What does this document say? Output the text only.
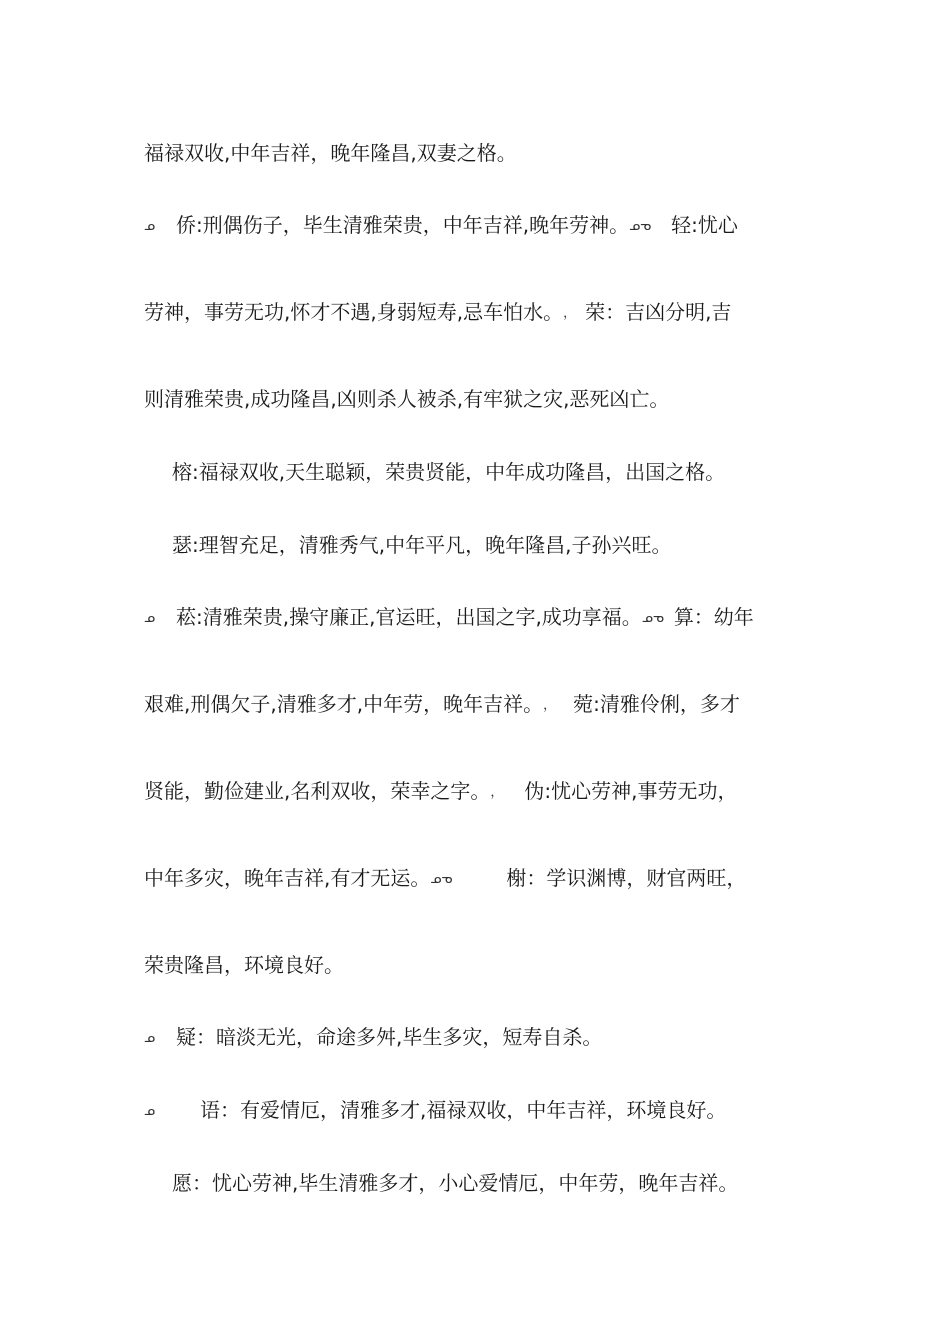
福禄双收,中年吉祥，晚年隆昌,双妻之格。
ᓄ 侨:刑偶伤子，毕生清雅荣贵，中年吉祥,晚年劳神。ᓄᓀ 轻:忧心
劳神，事劳无功,怀才不遇,身弱短寿,忌车怕水。， 荣：吉凶分明,吉
则清雅荣贵,成功隆昌,凶则杀人被杀,有牢狱之灾,恶死凶亡。
榕:福禄双收,天生聪颖，荣贵贤能，中年成功隆昌，出国之格。
瑟:理智充足，清雅秀气,中年平凡，晚年隆昌,子孙兴旺。
ᓄ 菘:清雅荣贵,操守廉正,官运旺，出国之字,成功享福。ᓄᓀ 算：幼年
艰难,刑偶欠子,清雅多才,中年劳，晚年吉祥。， 菀:清雅伶俐，多才
贤能，勤俭建业,名利双收，荣幸之字。， 伪:忧心劳神,事劳无功，
中年多灾，晚年吉祥,有才无运。ᓄᓀ	榭：学识渊博，财官两旺，
荣贵隆昌，环境良好。
ᓄ 疑：暗淡无光，命途多舛,毕生多灾，短寿自杀。
ᓄ 语：有爱情厄，清雅多才,福禄双收，中年吉祥，环境良好。
愿：忧心劳神,毕生清雅多才，小心爱情厄，中年劳，晚年吉祥。
